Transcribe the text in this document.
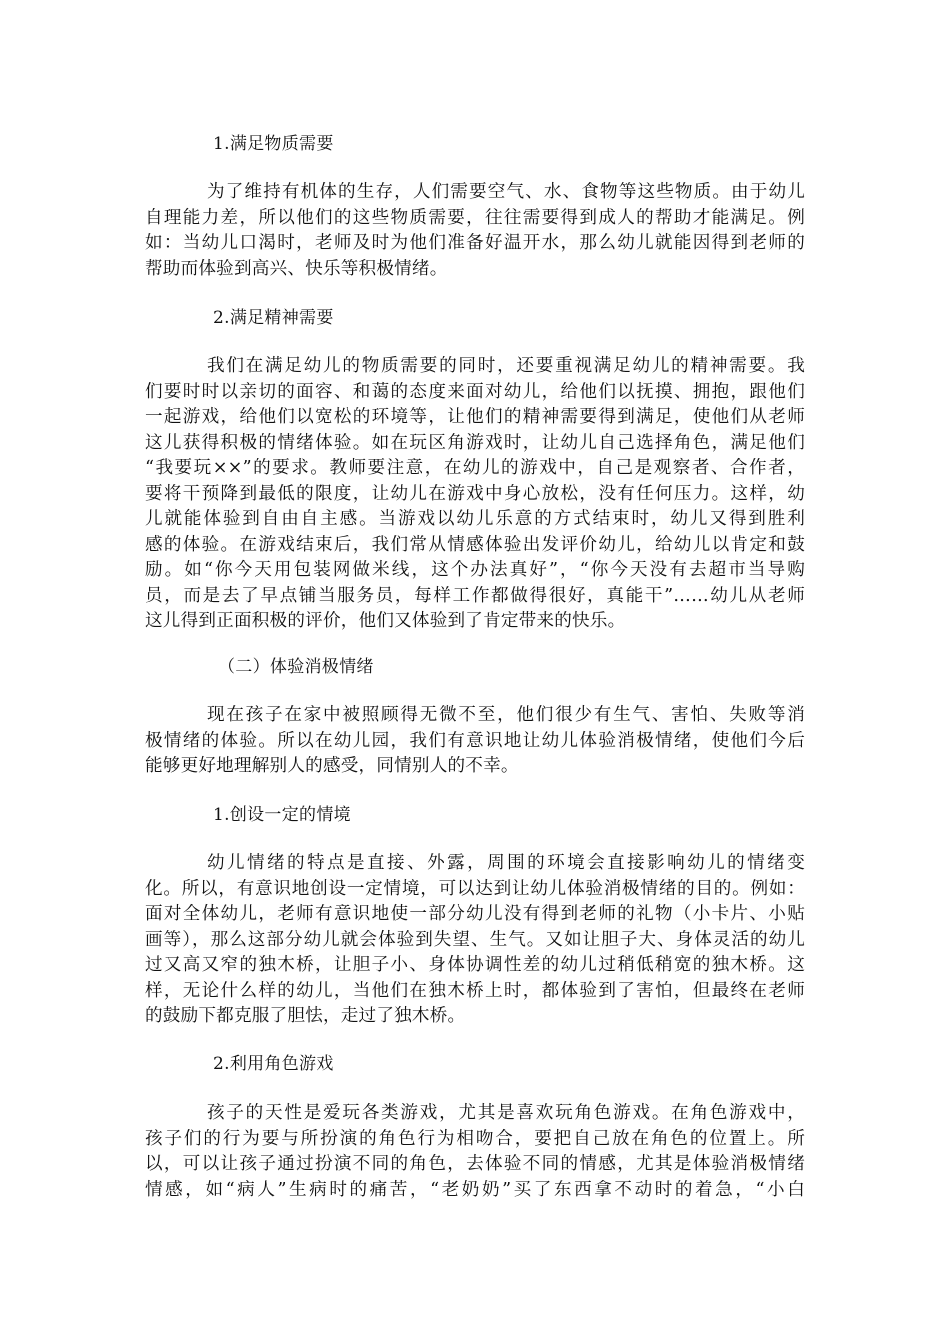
1.满足物质需要
为了维持有机体的生存，人们需要空气、水、食物等这些物质。由于幼儿
自理能力差，所以他们的这些物质需要，往往需要得到成人的帮助才能满足。例
如：当幼儿口渴时，老师及时为他们准备好温开水，那么幼儿就能因得到老师的
帮助而体验到高兴、快乐等积极情绪。
2.满足精神需要
我们在满足幼儿的物质需要的同时，还要重视满足幼儿的精神需要。我
们要时时以亲切的面容、和蔼的态度来面对幼儿，给他们以抚摸、拥抱，跟他们
一起游戏，给他们以宽松的环境等，让他们的精神需要得到满足，使他们从老师
这儿获得积极的情绪体验。如在玩区角游戏时，让幼儿自己选择角色，满足他们
“我要玩××”的要求。教师要注意，在幼儿的游戏中，自己是观察者、合作者，
要将干预降到最低的限度，让幼儿在游戏中身心放松，没有任何压力。这样，幼
儿就能体验到自由自主感。当游戏以幼儿乐意的方式结束时，幼儿又得到胜利
感的体验。在游戏结束后，我们常从情感体验出发评价幼儿，给幼儿以肯定和鼓
励。如“你今天用包装网做米线，这个办法真好”，“你今天没有去超市当导购
员，而是去了早点铺当服务员，每样工作都做得很好，真能干”……幼儿从老师
这儿得到正面积极的评价，他们又体验到了肯定带来的快乐。
（二）体验消极情绪
现在孩子在家中被照顾得无微不至，他们很少有生气、害怕、失败等消
极情绪的体验。所以在幼儿园，我们有意识地让幼儿体验消极情绪，使他们今后
能够更好地理解别人的感受，同情别人的不幸。
1.创设一定的情境
幼儿情绪的特点是直接、外露，周围的环境会直接影响幼儿的情绪变
化。所以，有意识地创设一定情境，可以达到让幼儿体验消极情绪的目的。例如：
面对全体幼儿，老师有意识地使一部分幼儿没有得到老师的礼物（小卡片、小贴
画等），那么这部分幼儿就会体验到失望、生气。又如让胆子大、身体灵活的幼儿
过又高又窄的独木桥，让胆子小、身体协调性差的幼儿过稍低稍宽的独木桥。这
样，无论什么样的幼儿，当他们在独木桥上时，都体验到了害怕，但最终在老师
的鼓励下都克服了胆怯，走过了独木桥。
2.利用角色游戏
孩子的天性是爱玩各类游戏，尤其是喜欢玩角色游戏。在角色游戏中，
孩子们的行为要与所扮演的角色行为相吻合，要把自己放在角色的位置上。所
以，可以让孩子通过扮演不同的角色，去体验不同的情感，尤其是体验消极情绪
情感，如“病人”生病时的痛苦，“老奶奶”买了东西拿不动时的着急，“小白
